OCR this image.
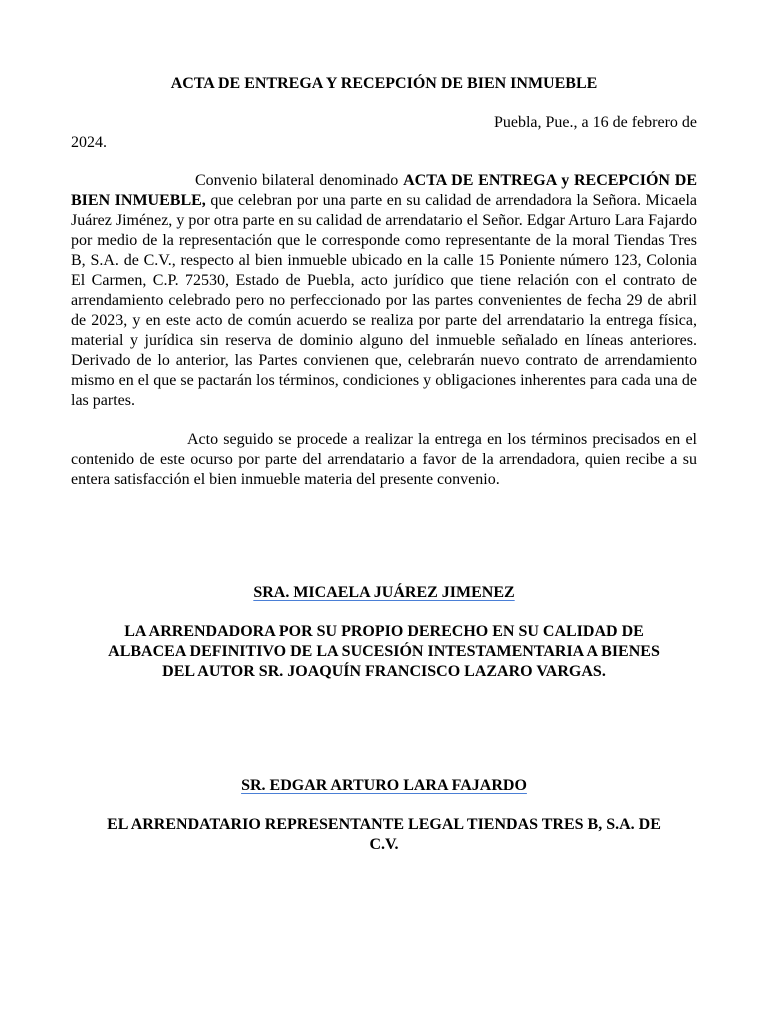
ACTA DE ENTREGA Y RECEPCIÓN DE BIEN INMUEBLE
Puebla, Pue., a 16 de febrero de
2024.

Convenio bilateral denominado ACTA DE ENTREGA y RECEPCIÓN DE BIEN INMUEBLE, que celebran por una parte en su calidad de arrendadora la Señora. Micaela Juárez Jiménez, y por otra parte en su calidad de arrendatario el Señor. Edgar Arturo Lara Fajardo por medio de la representación que le corresponde como representante de la moral Tiendas Tres B, S.A. de C.V., respecto al bien inmueble ubicado en la calle 15 Poniente número 123, Colonia El Carmen, C.P. 72530, Estado de Puebla, acto jurídico que tiene relación con el contrato de arrendamiento celebrado pero no perfeccionado por las partes convenientes de fecha 29 de abril de 2023, y en este acto de común acuerdo se realiza por parte del arrendatario la entrega física, material y jurídica sin reserva de dominio alguno del inmueble señalado en líneas anteriores. Derivado de lo anterior, las Partes convienen que, celebrarán nuevo contrato de arrendamiento mismo en el que se pactarán los términos, condiciones y obligaciones inherentes para cada una de las partes.

Acto seguido se procede a realizar la entrega en los términos precisados en el contenido de este ocurso por parte del arrendatario a favor de la arrendadora, quien recibe a su entera satisfacción el bien inmueble materia del presente convenio.

SRA. MICAELA JUÁREZ JIMENEZ

LA ARRENDADORA POR SU PROPIO DERECHO EN SU CALIDAD DE ALBACEA DEFINITIVO DE LA SUCESIÓN INTESTAMENTARIA A BIENES DEL AUTOR SR. JOAQUÍN FRANCISCO LAZARO VARGAS.

SR. EDGAR ARTURO LARA FAJARDO

EL ARRENDATARIO REPRESENTANTE LEGAL TIENDAS TRES B, S.A. DE C.V.
